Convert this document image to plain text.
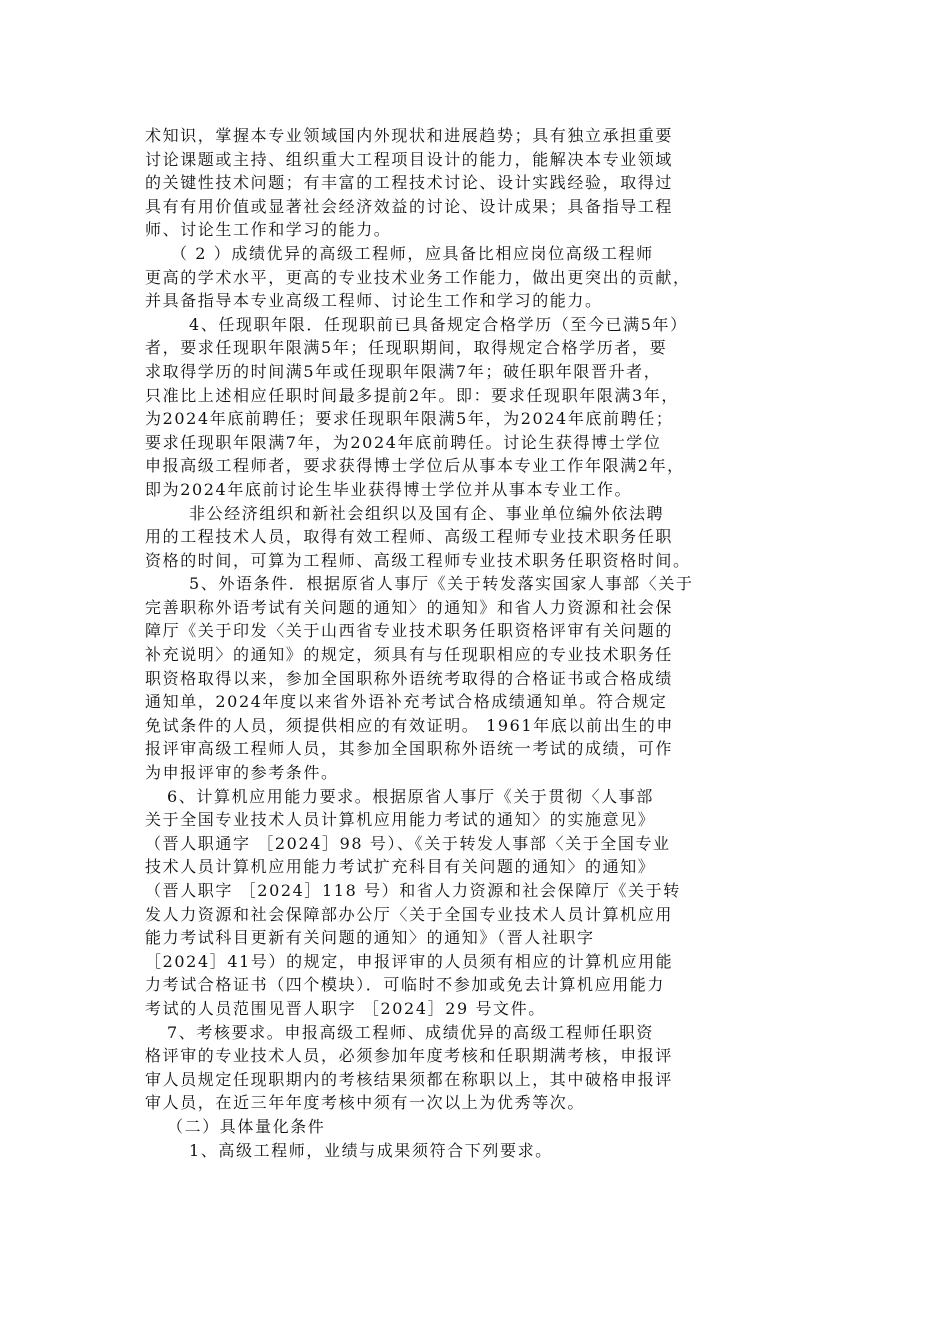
术知识，掌握本专业领域国内外现状和进展趋势；具有独立承担重要
讨论课题或主持、组织重大工程项目设计的能力，能解决本专业领域
的关键性技术问题；有丰富的工程技术讨论、设计实践经验，取得过
具有有用价值或显著社会经济效益的讨论、设计成果；具备指导工程
师、讨论生工作和学习的能力。
（ 2 ）成绩优异的高级工程师，应具备比相应岗位高级工程师
更高的学术水平，更高的专业技术业务工作能力，做出更突出的贡献，
并具备指导本专业高级工程师、讨论生工作和学习的能力。
4、任现职年限．任现职前已具备规定合格学历（至今已满5年）
者，要求任现职年限满5年；任现职期间，取得规定合格学历者，要
求取得学历的时间满5年或任现职年限满7年；破任职年限晋升者，
只准比上述相应任职时间最多提前2年。即：要求任现职年限满3年，
为2024年底前聘任；要求任现职年限满5年，为2024年底前聘任；
要求任现职年限满7年，为2024年底前聘任。讨论生获得博士学位
申报高级工程师者，要求获得博士学位后从事本专业工作年限满2年，
即为2024年底前讨论生毕业获得博士学位并从事本专业工作。
非公经济组织和新社会组织以及国有企、事业单位编外依法聘
用的工程技术人员，取得有效工程师、高级工程师专业技术职务任职
资格的时间，可算为工程师、高级工程师专业技术职务任职资格时间。
5、外语条件．根据原省人事厅《关于转发落实国家人事部〈关于
完善职称外语考试有关问题的通知〉的通知》和省人力资源和社会保
障厅《关于印发〈关于山西省专业技术职务任职资格评审有关问题的
补充说明〉的通知》的规定，须具有与任现职相应的专业技术职务任
职资格取得以来，参加全国职称外语统考取得的合格证书或合格成绩
通知单，2024年度以来省外语补充考试合格成绩通知单。符合规定
免试条件的人员，须提供相应的有效证明。 1961年底以前出生的申
报评审高级工程师人员，其参加全国职称外语统一考试的成绩，可作
为申报评审的参考条件。
6、计算机应用能力要求。根据原省人事厅《关于贯彻〈人事部
关于全国专业技术人员计算机应用能力考试的通知〉的实施意见》
（晋人职通字 ［2024］98 号）、《关于转发人事部〈关于全国专业
技术人员计算机应用能力考试扩充科目有关问题的通知〉的通知》
（晋人职字 ［2024］118 号）和省人力资源和社会保障厅《关于转
发人力资源和社会保障部办公厅〈关于全国专业技术人员计算机应用
能力考试科目更新有关问题的通知〉的通知》（晋人社职字
［2024］41号）的规定，申报评审的人员须有相应的计算机应用能
力考试合格证书（四个模块）．可临时不参加或免去计算机应用能力
考试的人员范围见晋人职字 ［2024］29 号文件。
7、考核要求。申报高级工程师、成绩优异的高级工程师任职资
格评审的专业技术人员，必须参加年度考核和任职期满考核，申报评
审人员规定任现职期内的考核结果须都在称职以上，其中破格申报评
审人员，在近三年年度考核中须有一次以上为优秀等次。
（二）具体量化条件
1、高级工程师，业绩与成果须符合下列要求。
